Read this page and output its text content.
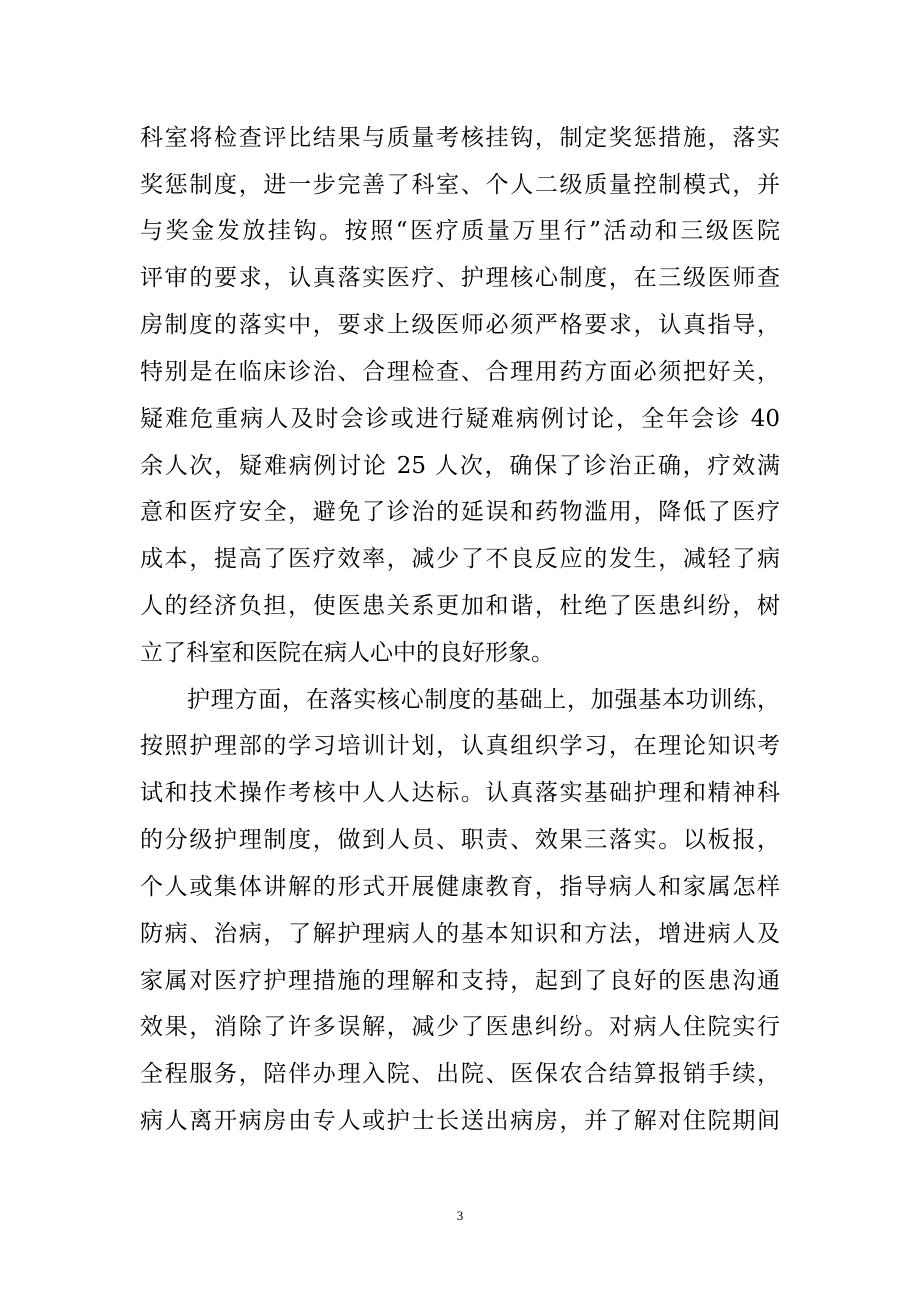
科室将检查评比结果与质量考核挂钩，制定奖惩措施，落实
奖惩制度，进一步完善了科室、个人二级质量控制模式，并
与奖金发放挂钩。按照“医疗质量万里行”活动和三级医院
评审的要求，认真落实医疗、护理核心制度，在三级医师查
房制度的落实中，要求上级医师必须严格要求，认真指导，
特别是在临床诊治、合理检查、合理用药方面必须把好关，
疑难危重病人及时会诊或进行疑难病例讨论，全年会诊 40
余人次，疑难病例讨论 25 人次，确保了诊治正确，疗效满
意和医疗安全，避免了诊治的延误和药物滥用，降低了医疗
成本，提高了医疗效率，减少了不良反应的发生，减轻了病
人的经济负担，使医患关系更加和谐，杜绝了医患纠纷，树
立了科室和医院在病人心中的良好形象。
护理方面，在落实核心制度的基础上，加强基本功训练，
按照护理部的学习培训计划，认真组织学习，在理论知识考
试和技术操作考核中人人达标。认真落实基础护理和精神科
的分级护理制度，做到人员、职责、效果三落实。以板报，
个人或集体讲解的形式开展健康教育，指导病人和家属怎样
防病、治病，了解护理病人的基本知识和方法，增进病人及
家属对医疗护理措施的理解和支持，起到了良好的医患沟通
效果，消除了许多误解，减少了医患纠纷。对病人住院实行
全程服务，陪伴办理入院、出院、医保农合结算报销手续，
病人离开病房由专人或护士长送出病房，并了解对住院期间
3
